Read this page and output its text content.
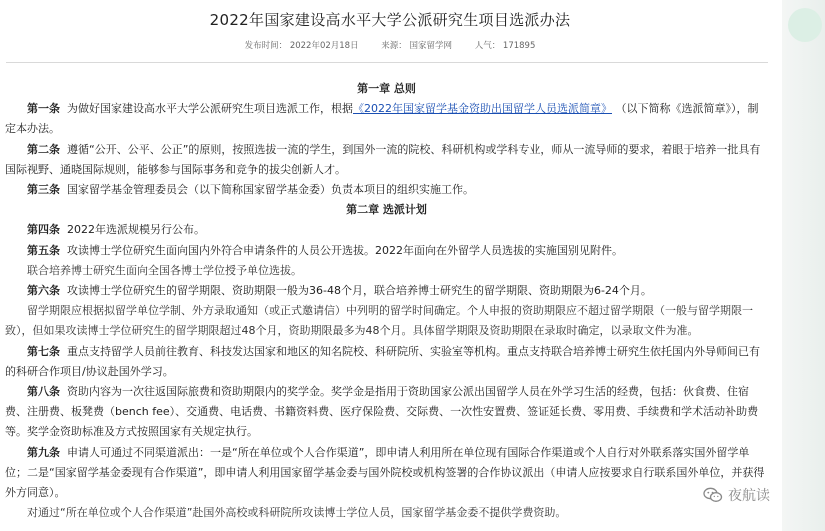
2022年国家建设高水平大学公派研究生项目选派办法
发布时间： 2022年02月18日	来源： 国家留学网	人气： 171895

第一章 总则

第一条 为做好国家建设高水平大学公派研究生项目选派工作，根据《2022年国家留学基金资助出国留学人员选派简章》 （以下简称《选派简章》），制定本办法。

第二条 遵循“公开、公平、公正”的原则，按照选拔一流的学生，到国外一流的院校、科研机构或学科专业，师从一流导师的要求，着眼于培养一批具有国际视野、通晓国际规则，能够参与国际事务和竞争的拔尖创新人才。

第三条 国家留学基金管理委员会（以下简称国家留学基金委）负责本项目的组织实施工作。

第二章 选派计划

第四条 2022年选派规模另行公布。

第五条 攻读博士学位研究生面向国内外符合申请条件的人员公开选拔。2022年面向在外留学人员选拔的实施国别见附件。

联合培养博士研究生面向全国各博士学位授予单位选拔。

第六条 攻读博士学位研究生的留学期限、资助期限一般为36-48个月，联合培养博士研究生的留学期限、资助期限为6-24个月。

留学期限应根据拟留学单位学制、外方录取通知（或正式邀请信）中列明的留学时间确定。个人申报的资助期限应不超过留学期限（一般与留学期限一致），但如果攻读博士学位研究生的留学期限超过48个月，资助期限最多为48个月。具体留学期限及资助期限在录取时确定，以录取文件为准。

第七条 重点支持留学人员前往教育、科技发达国家和地区的知名院校、科研院所、实验室等机构。重点支持联合培养博士研究生依托国内外导师间已有的科研合作项目/协议赴国外学习。

第八条 资助内容为一次往返国际旅费和资助期限内的奖学金。奖学金是指用于资助国家公派出国留学人员在外学习生活的经费，包括：伙食费、住宿费、注册费、板凳费（bench fee）、交通费、电话费、书籍资料费、医疗保险费、交际费、一次性安置费、签证延长费、零用费、手续费和学术活动补助费等。奖学金资助标准及方式按照国家有关规定执行。

第九条 申请人可通过不同渠道派出：一是“所在单位或个人合作渠道”，即申请人利用所在单位现有国际合作渠道或个人自行对外联系落实国外留学单位；二是“国家留学基金委现有合作渠道”，即申请人利用国家留学基金委与国外院校或机构签署的合作协议派出（申请人应按要求自行联系国外单位，并获得外方同意）。

对通过“所在单位或个人合作渠道”赴国外高校或科研院所攻读博士学位人员，国家留学基金委不提供学费资助。

夜航读
